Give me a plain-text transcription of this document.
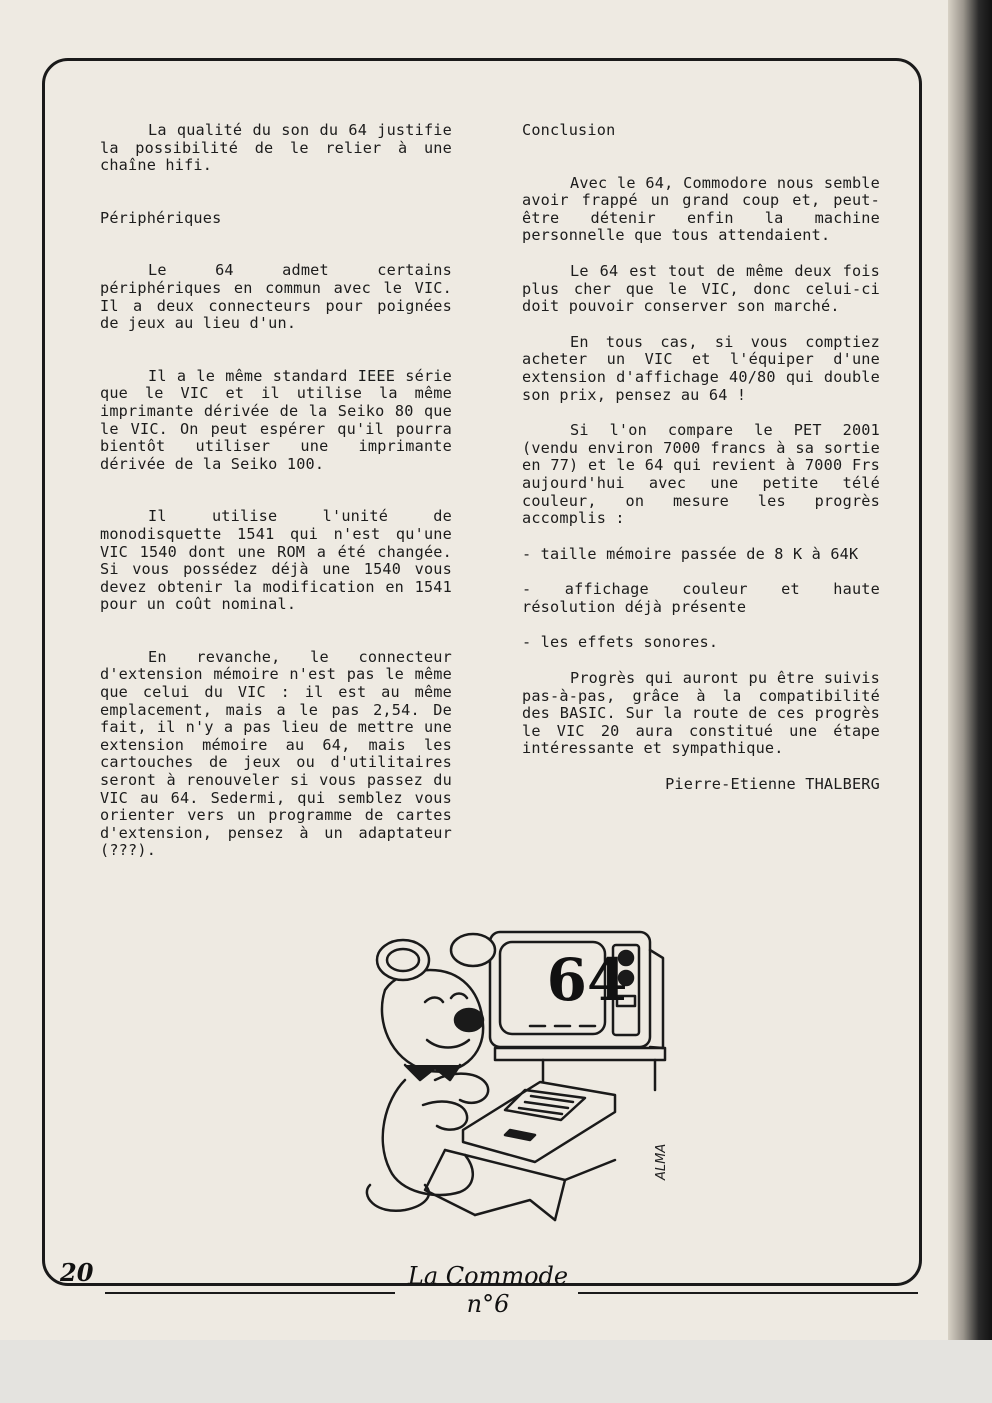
La qualité du son du 64 justifie la possibilité de le relier à une chaîne hifi.

Périphériques

Le 64 admet certains périphériques en commun avec le VIC. Il a deux connecteurs pour poignées de jeux au lieu d'un.

Il a le même standard IEEE série que le VIC et il utilise la même imprimante dérivée de la Seiko 80 que le VIC. On peut espérer qu'il pourra bientôt utiliser une imprimante dérivée de la Seiko 100.

Il utilise l'unité de monodisquette 1541 qui n'est qu'une VIC 1540 dont une ROM a été changée. Si vous possédez déjà une 1540 vous devez obtenir la modification en 1541 pour un coût nominal.

En revanche, le connecteur d'extension mémoire n'est pas le même que celui du VIC : il est au même emplacement, mais a le pas 2,54. De fait, il n'y a pas lieu de mettre une extension mémoire au 64, mais les cartouches de jeux ou d'utilitaires seront à renouveler si vous passez du VIC au 64. Sedermi, qui semblez vous orienter vers un programme de cartes d'extension, pensez à un adaptateur (???).

Conclusion

Avec le 64, Commodore nous semble avoir frappé un grand coup et, peut-être détenir enfin la machine personnelle que tous attendaient.

Le 64 est tout de même deux fois plus cher que le VIC, donc celui-ci doit pouvoir conserver son marché.

En tous cas, si vous comptiez acheter un VIC et l'équiper d'une extension d'affichage 40/80 qui double son prix, pensez au 64 !

Si l'on compare le PET 2001 (vendu environ 7000 francs à sa sortie en 77) et le 64 qui revient à 7000 Frs aujourd'hui avec une petite télé couleur, on mesure les progrès accomplis :

- taille mémoire passée de 8 K à 64K

- affichage couleur et haute résolution déjà présente

- les effets sonores.

Progrès qui auront pu être suivis pas-à-pas, grâce à la compatibilité des BASIC. Sur la route de ces progrès le VIC 20 aura constitué une étape intéressante et sympathique.

Pierre-Etienne THALBERG

64
ALMA
20	La Commode n°6
